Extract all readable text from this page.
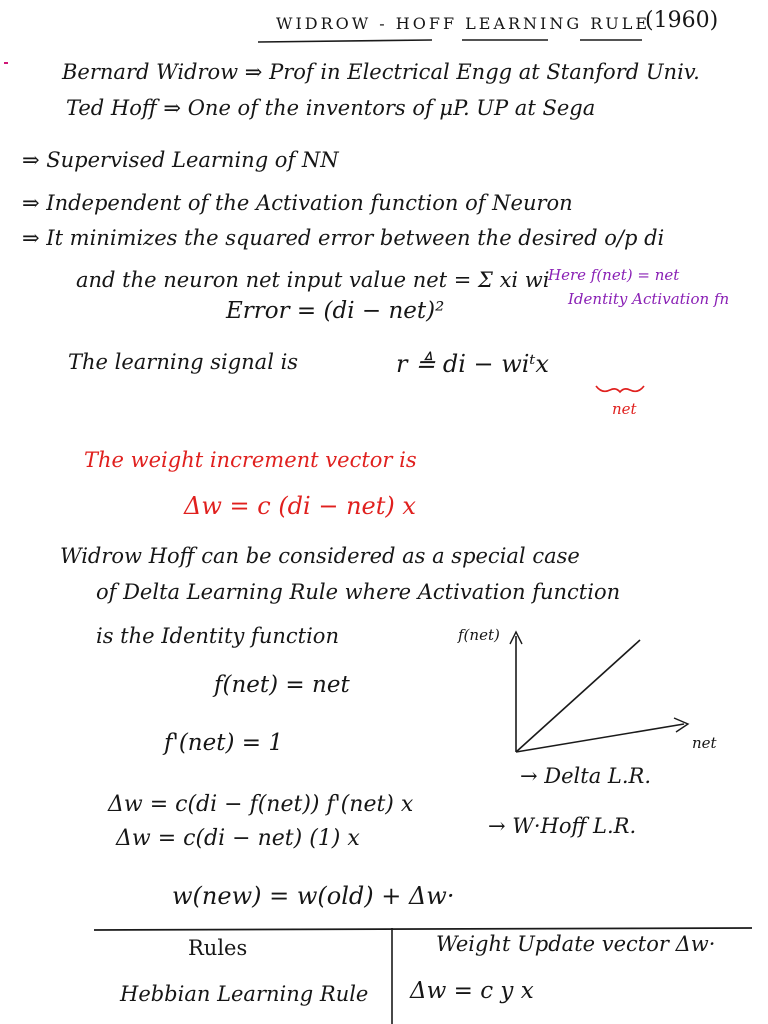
WIDROW - HOFF LEARNING RULE
(1960)
Bernard Widrow ⇒ Prof in Electrical Engg at Stanford Univ.
Ted Hoff ⇒ One of the inventors of μP. UP at Sega
⇒ Supervised Learning of NN
⇒ Independent of the Activation function of Neuron
⇒ It minimizes the squared error between the desired o/p di
and the neuron net input value net = Σ xi wi
Error = (di − net)²
Here f(net) = net
Identity Activation fn
The learning signal is	r ≜ di − wiᵗx
net
The weight increment vector is
Δw = c (di − net) x
Widrow Hoff can be considered as a special case
of Delta Learning Rule where Activation function
is the Identity function
f(net) = net
f'(net) = 1
f(net)
net
Δw = c(di − f(net)) f'(net) x
→ Delta L.R.
Δw = c(di − net) (1) x	→ W·Hoff L.R.
w(new) = w(old) + Δw·
Rules	Weight Update vector Δw·
Hebbian Learning Rule Δw = c y x
